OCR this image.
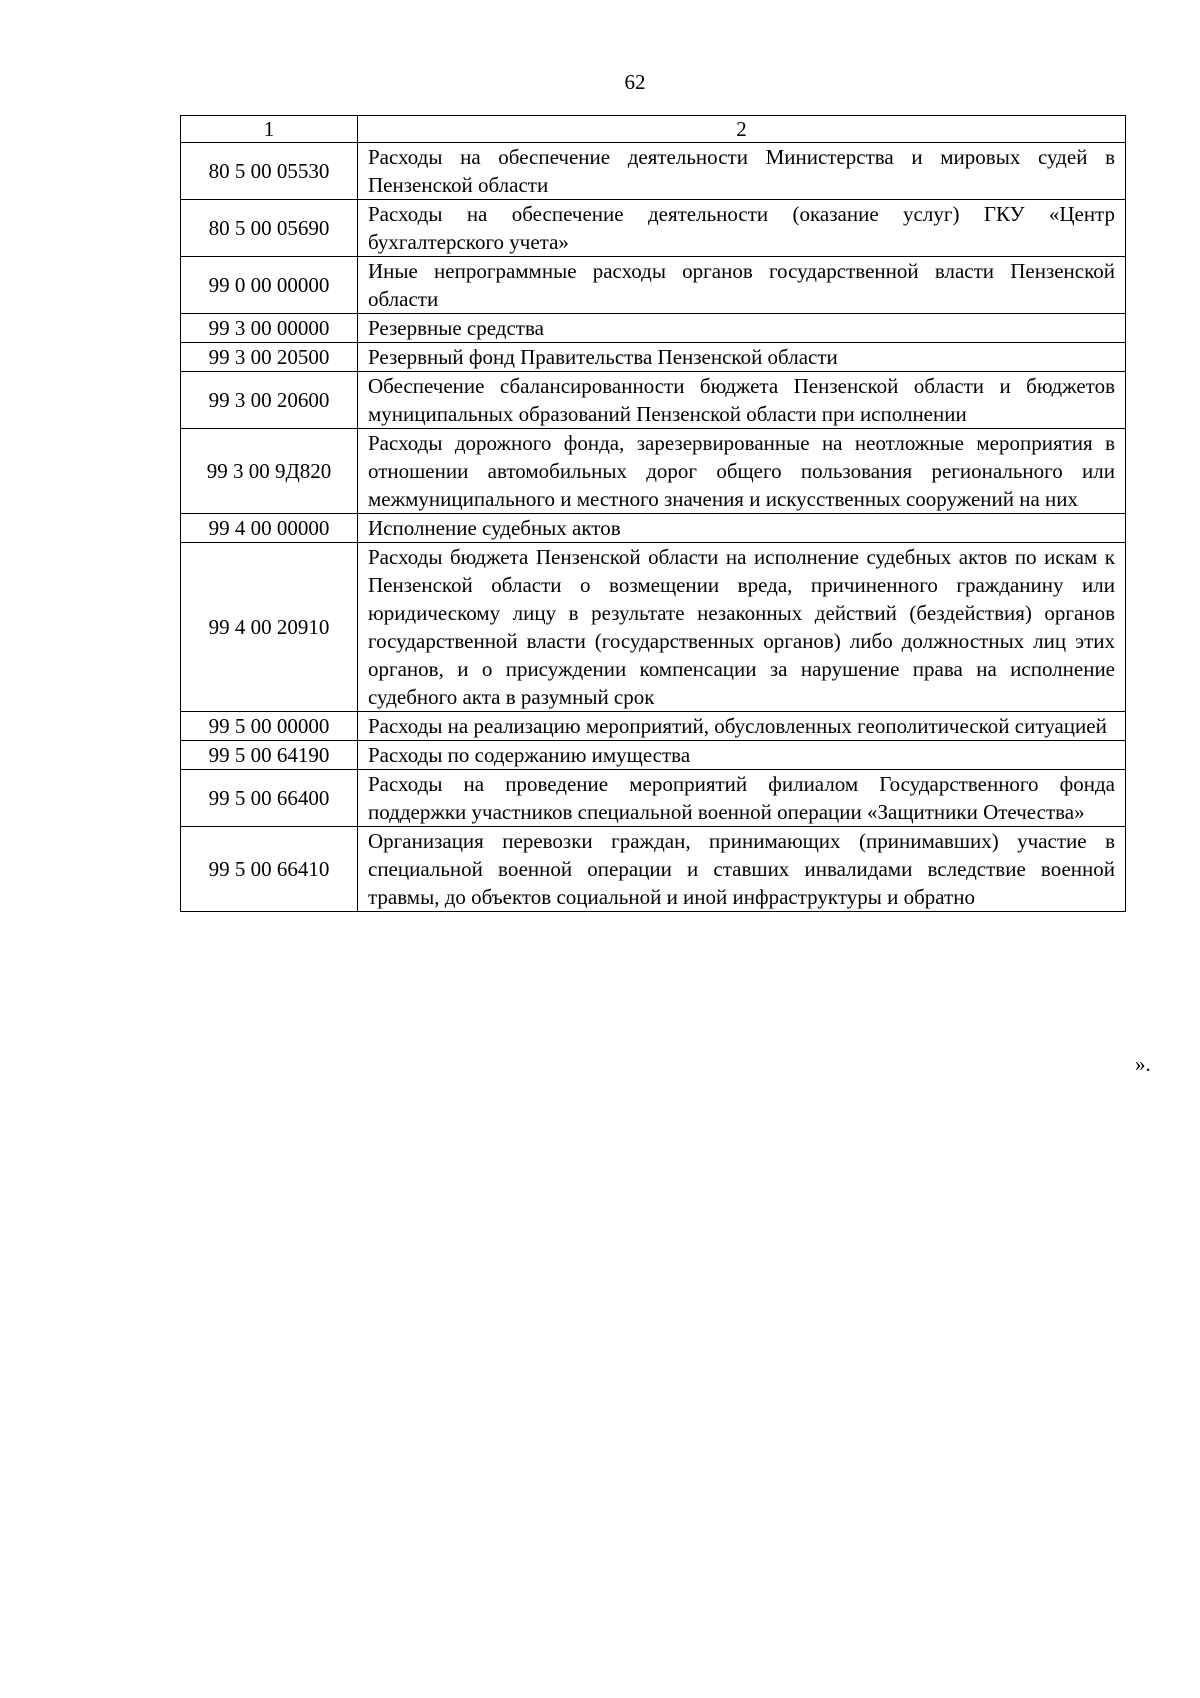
62
1	2
80 5 00 05530	Расходы на обеспечение деятельности Министерства и мировых судей в Пензенской области
80 5 00 05690	Расходы на обеспечение деятельности (оказание услуг) ГКУ «Центр бухгалтерского учета»
99 0 00 00000	Иные непрограммные расходы органов государственной власти Пензенской области
99 3 00 00000	Резервные средства
99 3 00 20500	Резервный фонд Правительства Пензенской области
99 3 00 20600	Обеспечение сбалансированности бюджета Пензенской области и бюджетов муниципальных образований Пензенской области при исполнении
99 3 00 9Д820	Расходы дорожного фонда, зарезервированные на неотложные мероприятия в отношении автомобильных дорог общего пользования регионального или межмуниципального и местного значения и искусственных сооружений на них
99 4 00 00000	Исполнение судебных актов
99 4 00 20910	Расходы бюджета Пензенской области на исполнение судебных актов по искам к Пензенской области о возмещении вреда, причиненного гражданину или юридическому лицу в результате незаконных действий (бездействия) органов государственной власти (государственных органов) либо должностных лиц этих органов, и о присуждении компенсации за нарушение права на исполнение судебного акта в разумный срок
99 5 00 00000	Расходы на реализацию мероприятий, обусловленных геополитической ситуацией
99 5 00 64190	Расходы по содержанию имущества
99 5 00 66400	Расходы на проведение мероприятий филиалом Государственного фонда поддержки участников специальной военной операции «Защитники Отечества»
99 5 00 66410	Организация перевозки граждан, принимающих (принимавших) участие в специальной военной операции и ставших инвалидами вследствие военной травмы, до объектов социальной и иной инфраструктуры и обратно
».
